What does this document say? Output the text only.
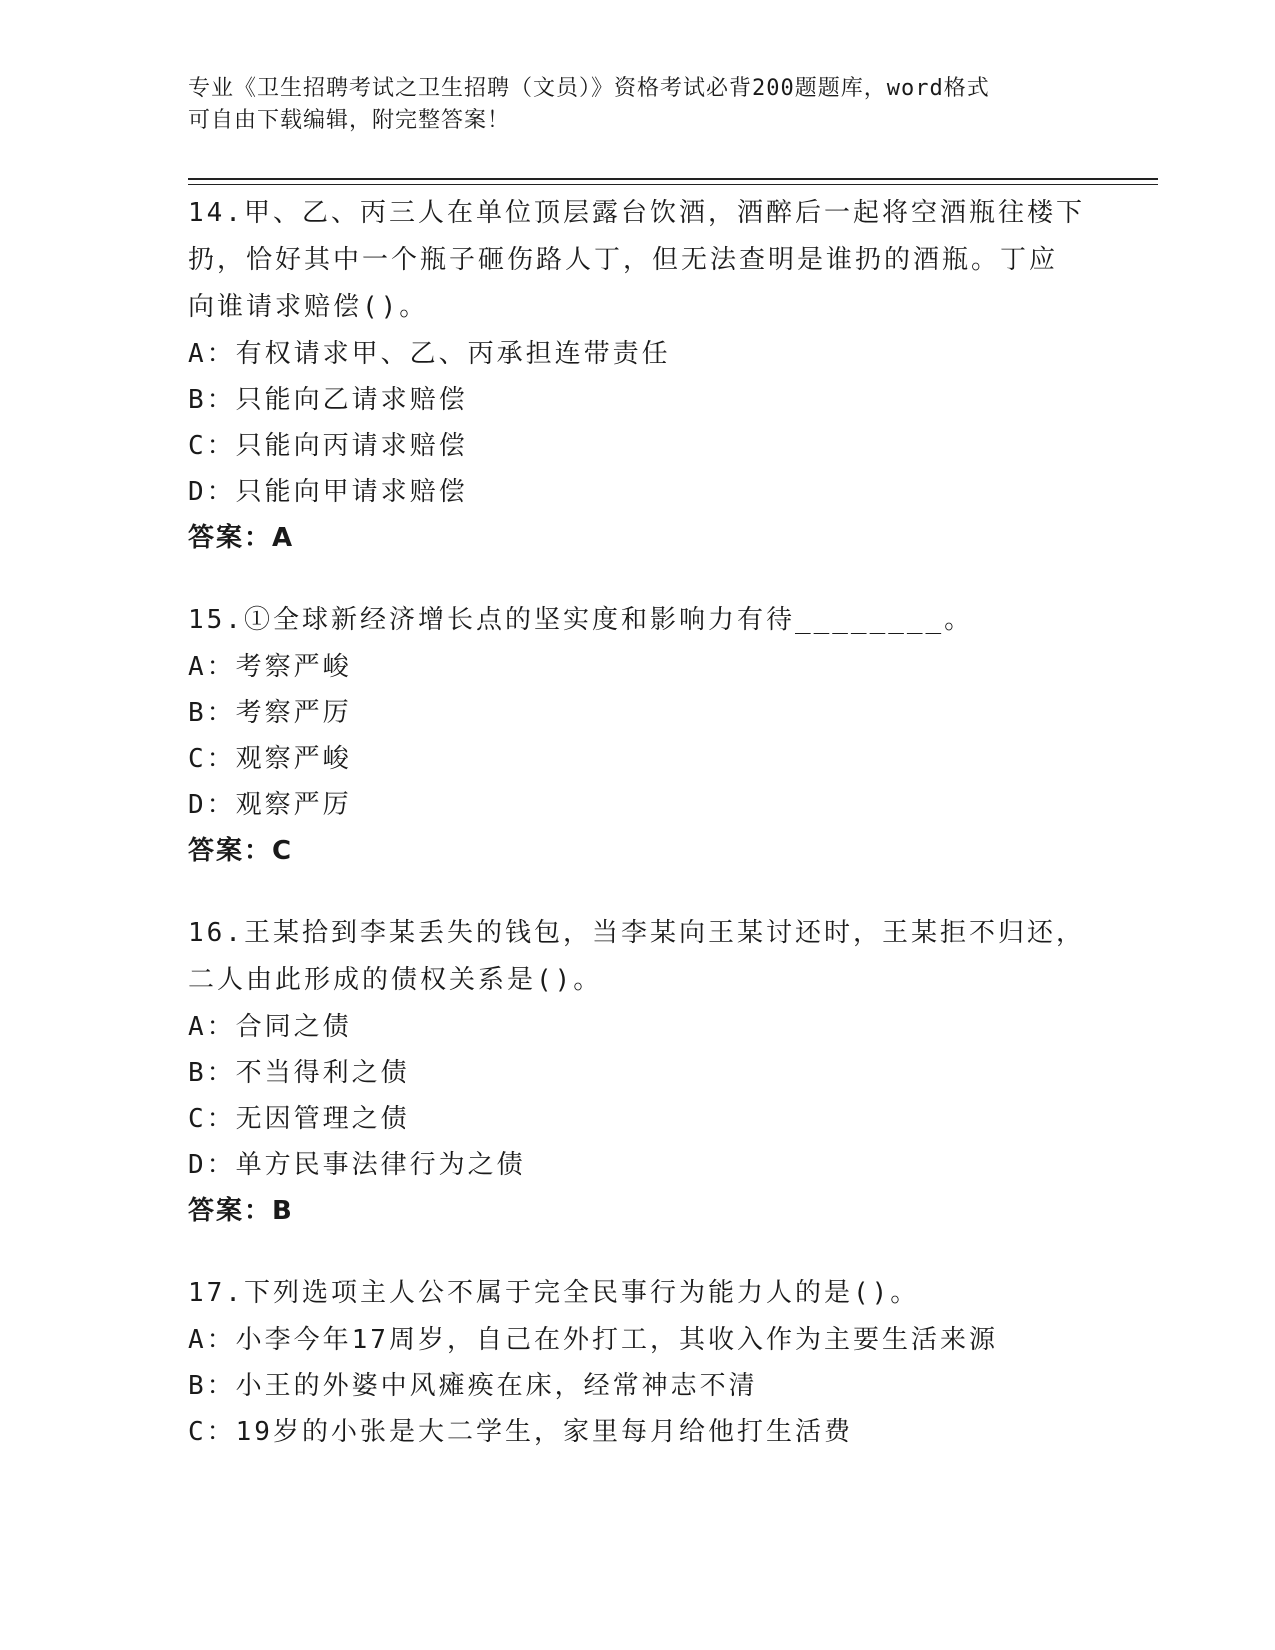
专业《卫生招聘考试之卫生招聘（文员）》资格考试必背200题题库，word格式
可自由下载编辑，附完整答案！
14.甲、乙、丙三人在单位顶层露台饮酒，酒醉后一起将空酒瓶往楼下
扔，恰好其中一个瓶子砸伤路人丁，但无法查明是谁扔的酒瓶。丁应
向谁请求赔偿()。
A：有权请求甲、乙、丙承担连带责任
B：只能向乙请求赔偿
C：只能向丙请求赔偿
D：只能向甲请求赔偿
答案：A
15.①全球新经济增长点的坚实度和影响力有待________。
A：考察严峻
B：考察严厉
C：观察严峻
D：观察严厉
答案：C
16.王某拾到李某丢失的钱包，当李某向王某讨还时，王某拒不归还，
二人由此形成的债权关系是()。
A：合同之债
B：不当得利之债
C：无因管理之债
D：单方民事法律行为之债
答案：B
17.下列选项主人公不属于完全民事行为能力人的是()。
A：小李今年17周岁，自己在外打工，其收入作为主要生活来源
B：小王的外婆中风瘫痪在床，经常神志不清
C：19岁的小张是大二学生，家里每月给他打生活费
